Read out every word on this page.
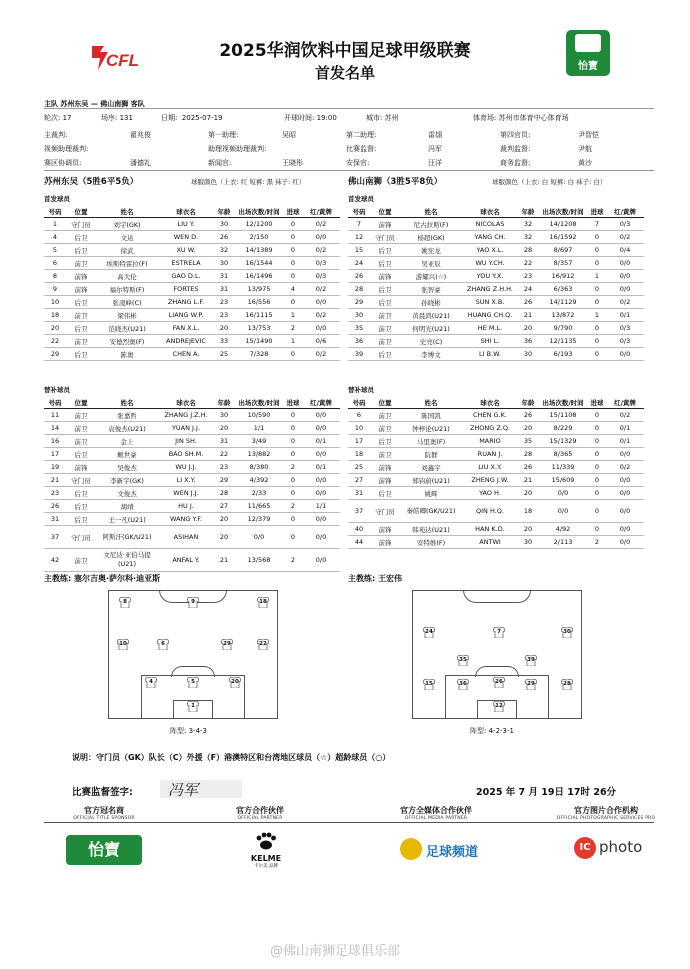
CFL	怡寶
2025华润饮料中国足球甲级联赛
首发名单
主队 苏州东吴 — 佛山南狮 客队
轮次: 17	场序: 131	日期: 2025-07-19	开球时间: 19:00	城市: 苏州	体育场: 苏州市体育中心体育场
主裁判:	翟兆俊	第一助理:	吴昭	第二助理:	雷翃	第四官员:	尹智恺
视频助理裁判:	助理视频助理裁判:	比赛监督:	冯军	裁判监督:	尹航
赛区协调员:	潘德礼	新闻官:	王晓彤	安保官:	汪洋	商务监督:	黄沙
苏州东吴（5胜6平5负）	球服颜色（上衣: 红 短裤: 黑 袜子: 红）
首发球员
号码	位置	姓名	球衣名	年龄	出场次数/时间	进球	红/黄牌
1	守门员	刘宇(GK)	LIU Y.	30	12/1200	0	0/2
4	后卫	文达	WEN D.	26	2/150	0	0/0
5	后卫	徐武	XU W.	32	14/1389	0	0/2
6	前卫	埃斯特雷拉(F)	ESTRELA	30	16/1544	0	0/3
8	前锋	高大伦	GAO D.L.	31	16/1496	0	0/3
9	前锋	福尔特斯(F)	FORTES	31	13/975	4	0/2
10	后卫	张凌峰(C)	ZHANG L.F.	23	16/556	0	0/0
18	前卫	梁伟彬	LIANG W.P.	23	16/1115	1	0/2
20	后卫	范晓杰(U21)	FAN X.L.	20	13/753	2	0/0
22	前卫	安德烈奥(F)	ANDREJEVIC	33	15/1490	1	0/6
29	后卫	陈奥	CHEN A.	25	7/328	0	0/2
替补球员
号码	位置	姓名	球衣名	年龄	出场次数/时间	进球	红/黄牌
11	前卫	张嘉哲	ZHANG J.Z.H.	30	10/590	0	0/0
14	前卫	袁俊杰(U21)	YUAN J.J.	20	1/1	0	0/0
16	前卫	金上	JIN SH.	31	3/49	0	0/1
17	后卫	鲍世豪	BAO SH.M.	22	13/882	0	0/0
19	前锋	吴俊杰	WU J.J.	23	8/380	2	0/1
21	守门员	李新宇(GK)	LI X.Y.	29	4/392	0	0/0
23	后卫	文俊杰	WEN J.J.	28	2/33	0	0/0
26	后卫	胡靖	HU J.	27	11/665	2	1/1
31	后卫	王一凡(U21)	WANG Y.F.	20	12/379	0	0/0
37	守门员	阿斯汗(GK/U21)	ASIHAN	20	0/0	0	0/0
42	前卫	文尼达·亚伯马提(U21)	ANFAL Y.	21	13/568	2	0/0
佛山南狮（3胜5平8负）	球服颜色（上衣: 白 短裤: 白 袜子: 白）
首发球员
号码	位置	姓名	球衣名	年龄	出场次数/时间	进球	红/黄牌
7	前锋	尼古拉斯(F)	NICOLAS	32	14/1208	7	0/3
12	守门员	杨超(GK)	YANG CH.	32	16/1592	0	0/2
15	后卫	姚宪龙	YAO X.L.	28	8/697	0	0/4
24	后卫	吴亚辰	WU Y.CH.	22	8/357	0	0/0
26	前锋	游耀兴(☆)	YOU Y.X.	23	16/912	1	0/0
28	后卫	张智豪	ZHANG Z.H.H.	24	6/363	0	0/0
29	后卫	孙晓彬	SUN X.B.	26	14/1129	0	0/2
30	前卫	黄晨鸿(U21)	HUANG CH.Q.	21	13/872	1	0/1
35	前卫	何明光(U21)	HE M.L.	20	9/790	0	0/3
36	前卫	史亮(C)	SHI L.	36	12/1135	0	0/3
39	后卫	李博文	LI B.W.	30	6/193	0	0/0
替补球员
号码	位置	姓名	球衣名	年龄	出场次数/时间	进球	红/黄牌
6	前卫	陈国凯	CHEN G.K.	26	15/1108	0	0/2
10	前卫	钟梓论(U21)	ZHONG Z.Q.	20	8/229	0	0/1
17	后卫	马里奥(F)	MARIO	35	15/1329	0	0/1
18	前卫	阮群	RUAN J.	28	8/365	0	0/0
25	前锋	刘鑫宇	LIU X.Y.	26	11/339	0	0/2
27	前锋	郑钧蔚(U21)	ZHENG J.W.	21	15/609	0	0/0
31	后卫	姚辉	YAO H.	20	0/0	0	0/0
37	守门员	秦皓卿(GK/U21)	QIN H.Q.	18	0/0	0	0/0
40	前锋	韩苑达(U21)	HAN K.D.	20	4/92	0	0/0
44	前锋	安特维(F)	ANTWI	30	2/113	2	0/0
主教练: 塞尔吉奥·萨尔科·迪亚斯	主教练: 王宏伟
9
8	18
10	6	29	22
5
4	20
1
阵型: 3-4-3
24	7	30
35	39
15	36	29	28
12
26
阵型: 4-2-3-1
说明：守门员（GK）队长（C）外援（F）港澳特区和台湾地区球员（☆）超龄球员（○）
比赛监督签字: 冯军	2025 年 7 月 19日 17时 26分
官方冠名商
OFFICIAL TITLE SPONSOR
官方合作伙伴
OFFICIAL PARTNER
官方全媒体合作伙伴
OFFICIAL MEDIA PARTNER
官方图片合作机构
OFFICIAL PHOTOGRAPHIC SERVICES PRO
怡寶	KELME
卡尔美 品牌
足球频道	IC photo
@佛山南狮足球俱乐部
